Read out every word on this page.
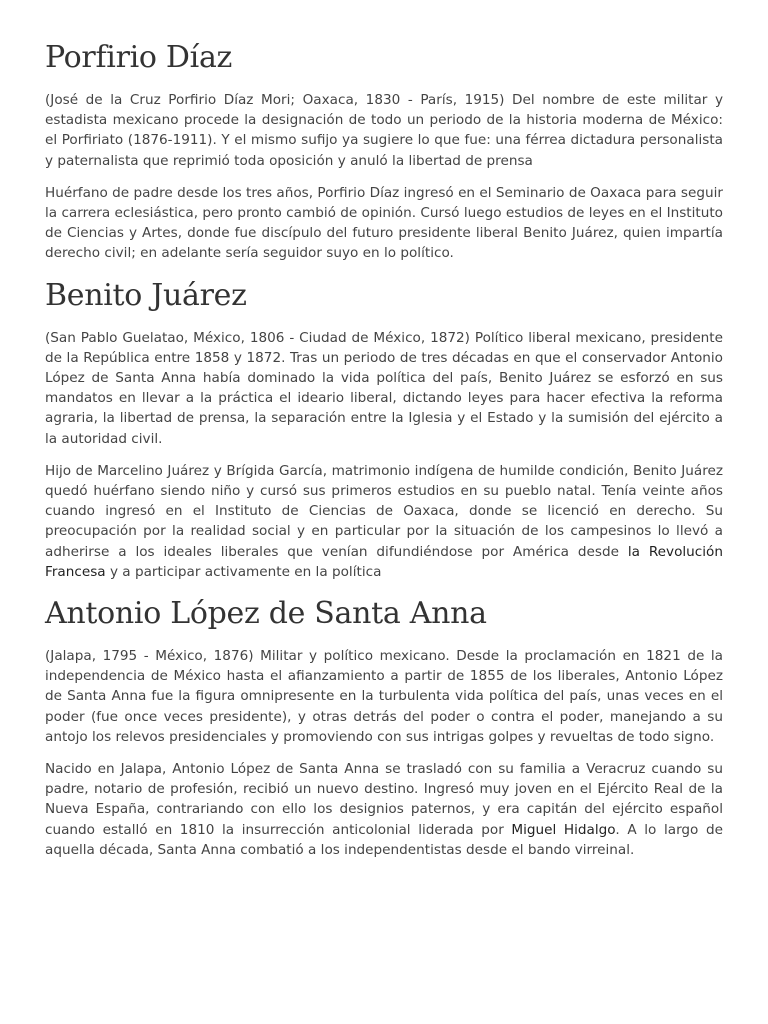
Porfirio Díaz

(José de la Cruz Porfirio Díaz Mori; Oaxaca, 1830 - París, 1915) Del nombre de este militar y estadista mexicano procede la designación de todo un periodo de la historia moderna de México: el Porfiriato (1876-1911). Y el mismo sufijo ya sugiere lo que fue: una férrea dictadura personalista y paternalista que reprimió toda oposición y anuló la libertad de prensa

Huérfano de padre desde los tres años, Porfirio Díaz ingresó en el Seminario de Oaxaca para seguir la carrera eclesiástica, pero pronto cambió de opinión. Cursó luego estudios de leyes en el Instituto de Ciencias y Artes, donde fue discípulo del futuro presidente liberal Benito Juárez, quien impartía derecho civil; en adelante sería seguidor suyo en lo político.

Benito Juárez

(San Pablo Guelatao, México, 1806 - Ciudad de México, 1872) Político liberal mexicano, presidente de la República entre 1858 y 1872. Tras un periodo de tres décadas en que el conservador Antonio López de Santa Anna había dominado la vida política del país, Benito Juárez se esforzó en sus mandatos en llevar a la práctica el ideario liberal, dictando leyes para hacer efectiva la reforma agraria, la libertad de prensa, la separación entre la Iglesia y el Estado y la sumisión del ejército a la autoridad civil.

Hijo de Marcelino Juárez y Brígida García, matrimonio indígena de humilde condición, Benito Juárez quedó huérfano siendo niño y cursó sus primeros estudios en su pueblo natal. Tenía veinte años cuando ingresó en el Instituto de Ciencias de Oaxaca, donde se licenció en derecho. Su preocupación por la realidad social y en particular por la situación de los campesinos lo llevó a adherirse a los ideales liberales que venían difundiéndose por América desde la Revolución Francesa y a participar activamente en la política

Antonio López de Santa Anna

(Jalapa, 1795 - México, 1876) Militar y político mexicano. Desde la proclamación en 1821 de la independencia de México hasta el afianzamiento a partir de 1855 de los liberales, Antonio López de Santa Anna fue la figura omnipresente en la turbulenta vida política del país, unas veces en el poder (fue once veces presidente), y otras detrás del poder o contra el poder, manejando a su antojo los relevos presidenciales y promoviendo con sus intrigas golpes y revueltas de todo signo.

Nacido en Jalapa, Antonio López de Santa Anna se trasladó con su familia a Veracruz cuando su padre, notario de profesión, recibió un nuevo destino. Ingresó muy joven en el Ejército Real de la Nueva España, contrariando con ello los designios paternos, y era capitán del ejército español cuando estalló en 1810 la insurrección anticolonial liderada por Miguel Hidalgo. A lo largo de aquella década, Santa Anna combatió a los independentistas desde el bando virreinal.
